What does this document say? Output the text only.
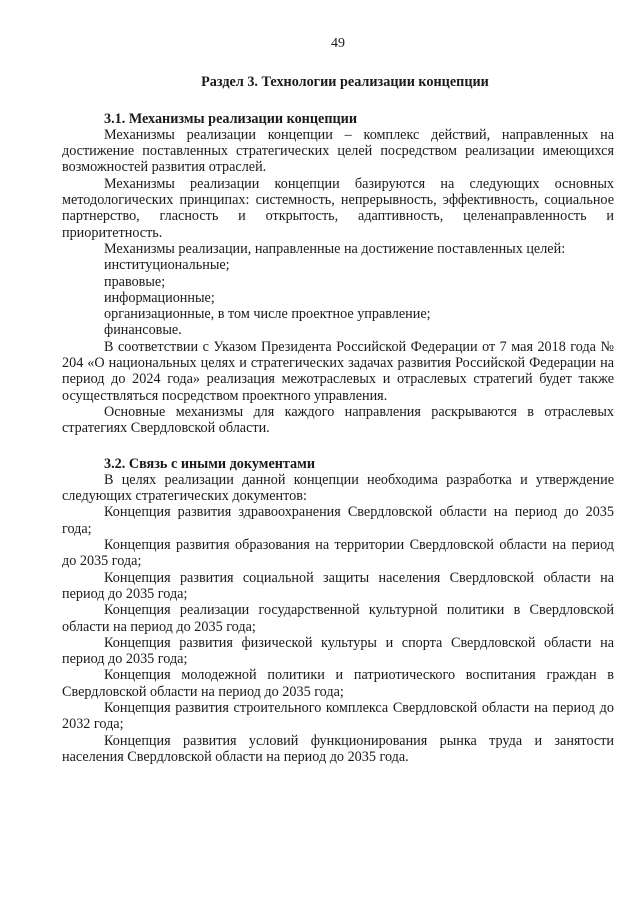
49
Раздел 3. Технологии реализации концепции
3.1. Механизмы реализации концепции

Механизмы реализации концепции – комплекс действий, направленных на достижение поставленных стратегических целей посредством реализации имеющихся возможностей развития отраслей.

Механизмы реализации концепции базируются на следующих основных методологических принципах: системность, непрерывность, эффективность, социальное партнерство, гласность и открытость, адаптивность, целенаправленность и приоритетность.

Механизмы реализации, направленные на достижение поставленных целей:

институциональные;
правовые;
информационные;
организационные, в том числе проектное управление;
финансовые.

В соответствии с Указом Президента Российской Федерации от 7 мая 2018 года № 204 «О национальных целях и стратегических задачах развития Российской Федерации на период до 2024 года» реализация межотраслевых и отраслевых стратегий будет также осуществляться посредством проектного управления.

Основные механизмы для каждого направления раскрываются в отраслевых стратегиях Свердловской области.

3.2. Связь с иными документами

В целях реализации данной концепции необходима разработка и утверждение следующих стратегических документов:

Концепция развития здравоохранения Свердловской области на период до 2035 года;

Концепция развития образования на территории Свердловской области на период до 2035 года;

Концепция развития социальной защиты населения Свердловской области на период до 2035 года;

Концепция реализации государственной культурной политики в Свердловской области на период до 2035 года;

Концепция развития физической культуры и спорта Свердловской области на период до 2035 года;

Концепция молодежной политики и патриотического воспитания граждан в Свердловской области на период до 2035 года;

Концепция развития строительного комплекса Свердловской области на период до 2032 года;

Концепция развития условий функционирования рынка труда и занятости населения Свердловской области на период до 2035 года.
